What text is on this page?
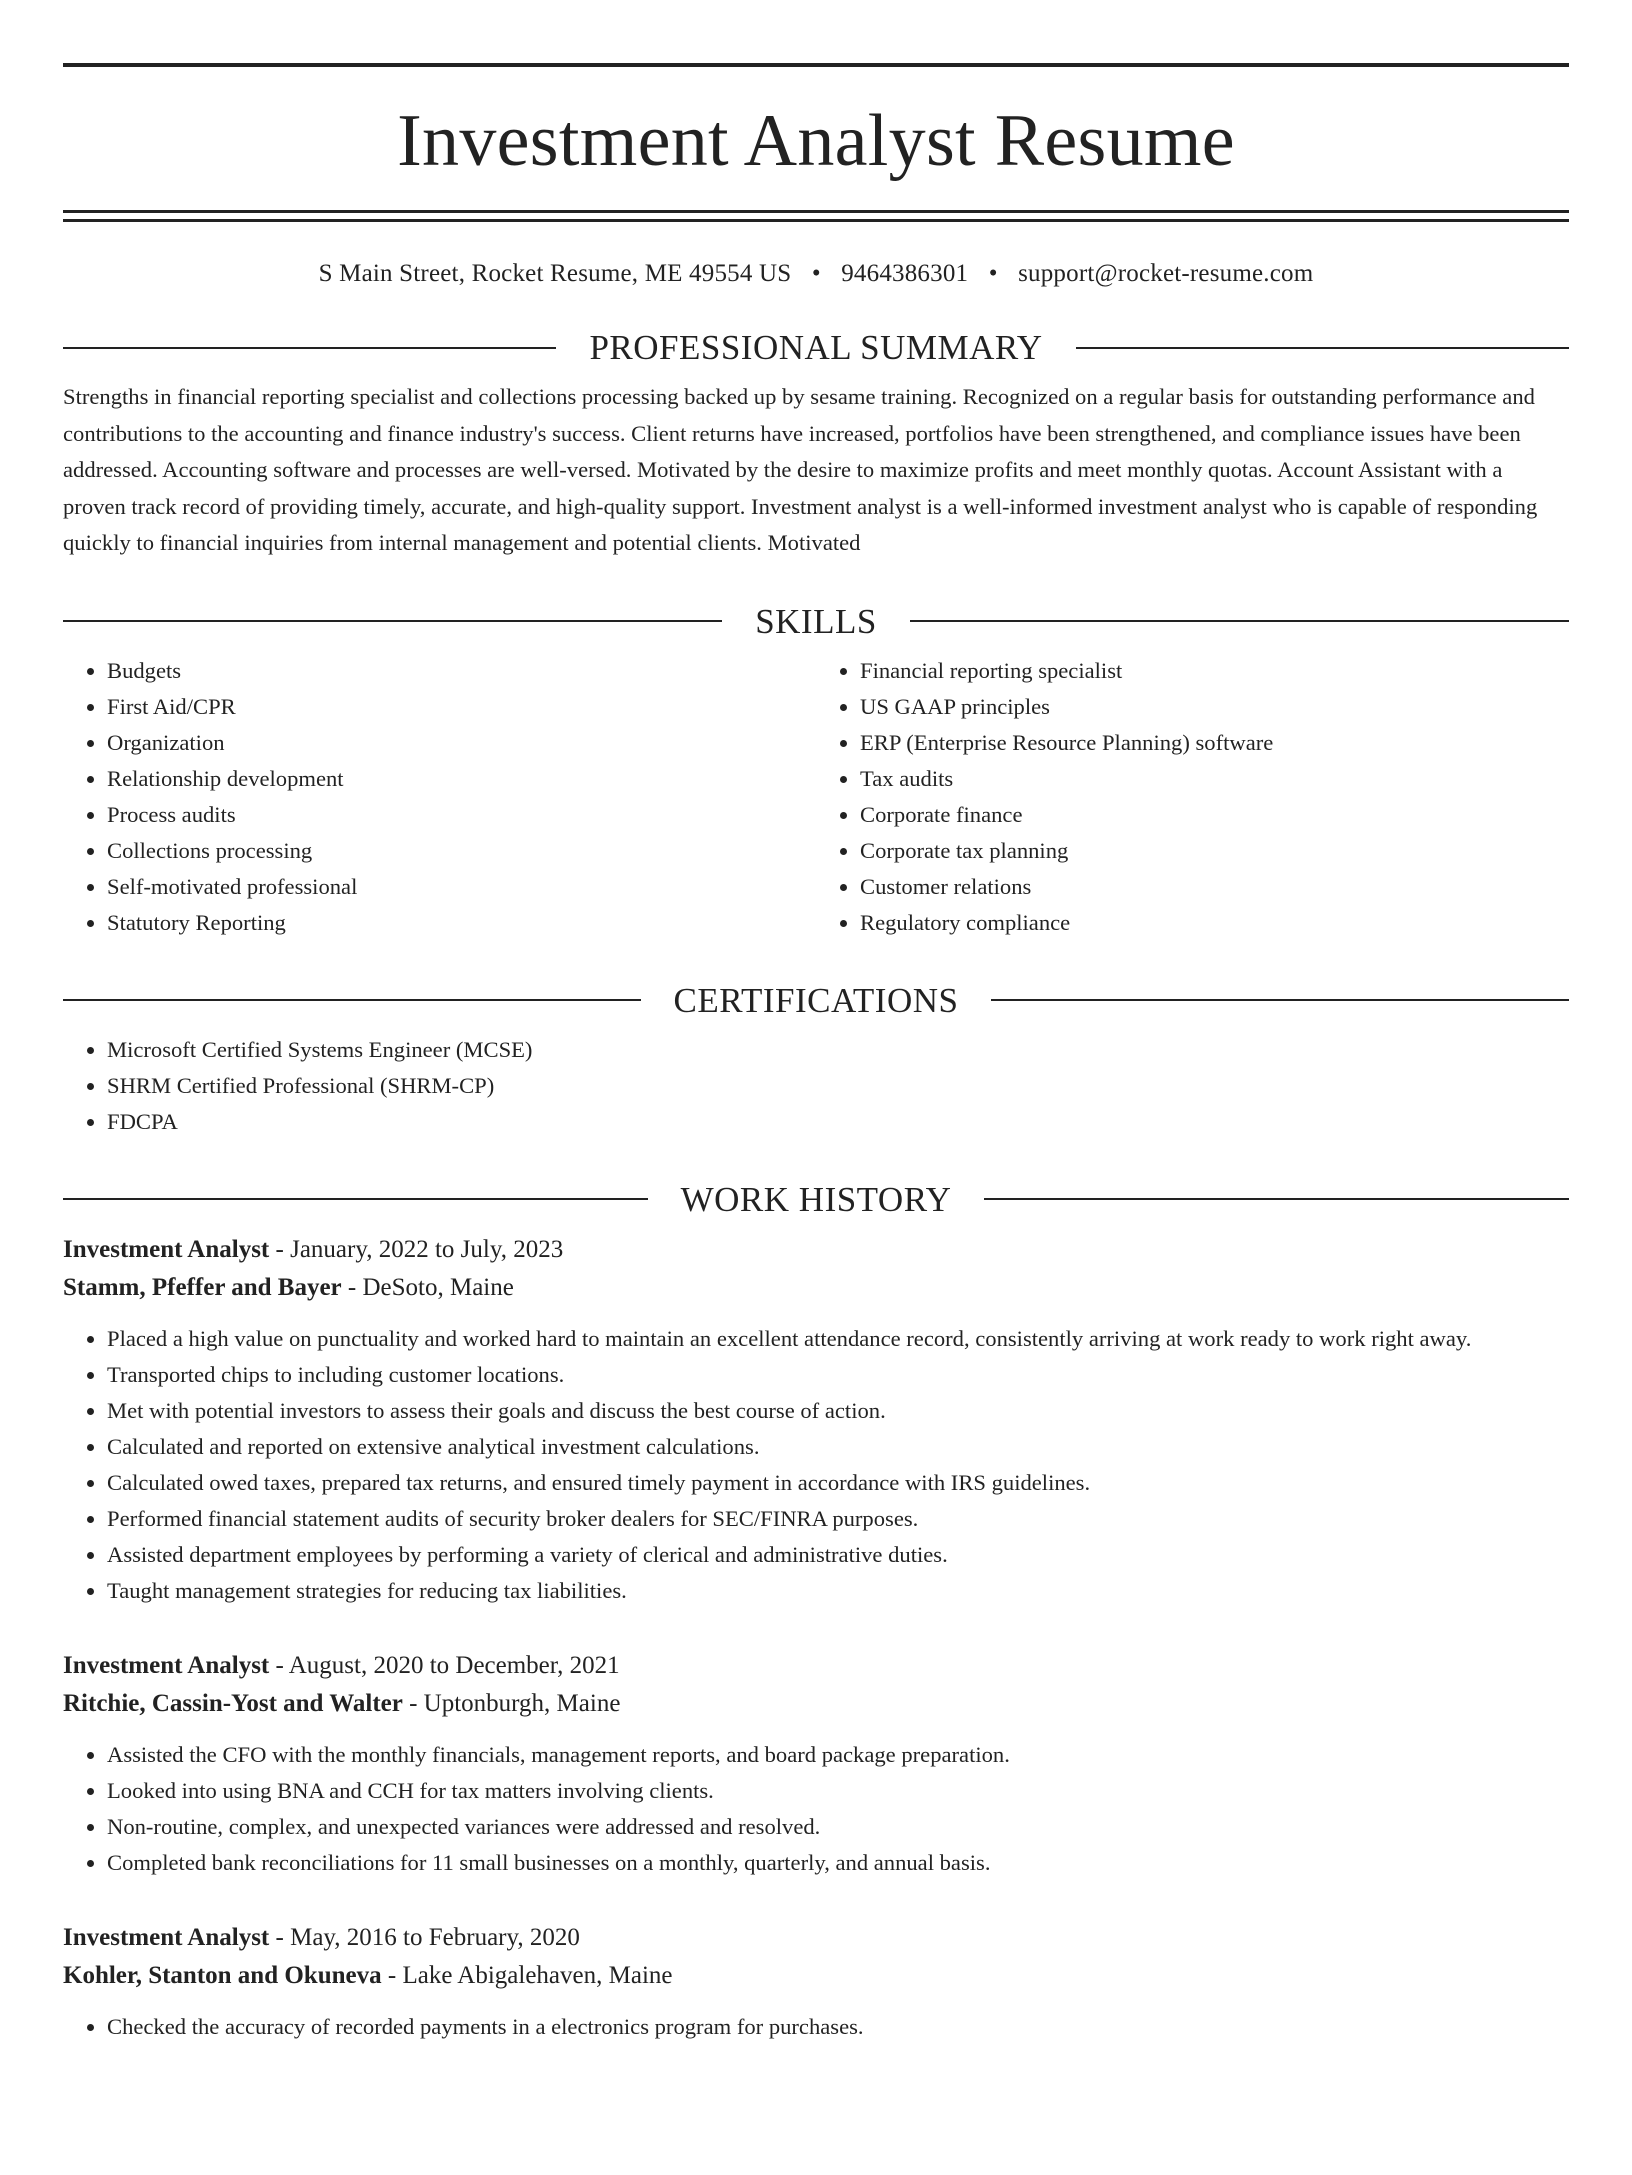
Investment Analyst Resume
S Main Street, Rocket Resume, ME 49554 US • 9464386301 • support@rocket-resume.com
PROFESSIONAL SUMMARY

Strengths in financial reporting specialist and collections processing backed up by sesame training. Recognized on a regular basis for outstanding performance and contributions to the accounting and finance industry's success. Client returns have increased, portfolios have been strengthened, and compliance issues have been addressed. Accounting software and processes are well-versed. Motivated by the desire to maximize profits and meet monthly quotas. Account Assistant with a proven track record of providing timely, accurate, and high-quality support. Investment analyst is a well-informed investment analyst who is capable of responding quickly to financial inquiries from internal management and potential clients. Motivated

SKILLS
• Budgets
• First Aid/CPR
• Organization
• Relationship development
• Process audits
• Collections processing
• Self-motivated professional
• Statutory Reporting
• Financial reporting specialist
• US GAAP principles
• ERP (Enterprise Resource Planning) software
• Tax audits
• Corporate finance
• Corporate tax planning
• Customer relations
• Regulatory compliance
CERTIFICATIONS
• Microsoft Certified Systems Engineer (MCSE)
• SHRM Certified Professional (SHRM-CP)
• FDCPA
WORK HISTORY
Investment Analyst - January, 2022 to July, 2023
Stamm, Pfeffer and Bayer - DeSoto, Maine
• Placed a high value on punctuality and worked hard to maintain an excellent attendance record, consistently arriving at work ready to work right away.
• Transported chips to including customer locations.
• Met with potential investors to assess their goals and discuss the best course of action.
• Calculated and reported on extensive analytical investment calculations.
• Calculated owed taxes, prepared tax returns, and ensured timely payment in accordance with IRS guidelines.
• Performed financial statement audits of security broker dealers for SEC/FINRA purposes.
• Assisted department employees by performing a variety of clerical and administrative duties.
• Taught management strategies for reducing tax liabilities.
Investment Analyst - August, 2020 to December, 2021
Ritchie, Cassin-Yost and Walter - Uptonburgh, Maine
• Assisted the CFO with the monthly financials, management reports, and board package preparation.
• Looked into using BNA and CCH for tax matters involving clients.
• Non-routine, complex, and unexpected variances were addressed and resolved.
• Completed bank reconciliations for 11 small businesses on a monthly, quarterly, and annual basis.
Investment Analyst - May, 2016 to February, 2020
Kohler, Stanton and Okuneva - Lake Abigalehaven, Maine
• Checked the accuracy of recorded payments in a electronics program for purchases.
